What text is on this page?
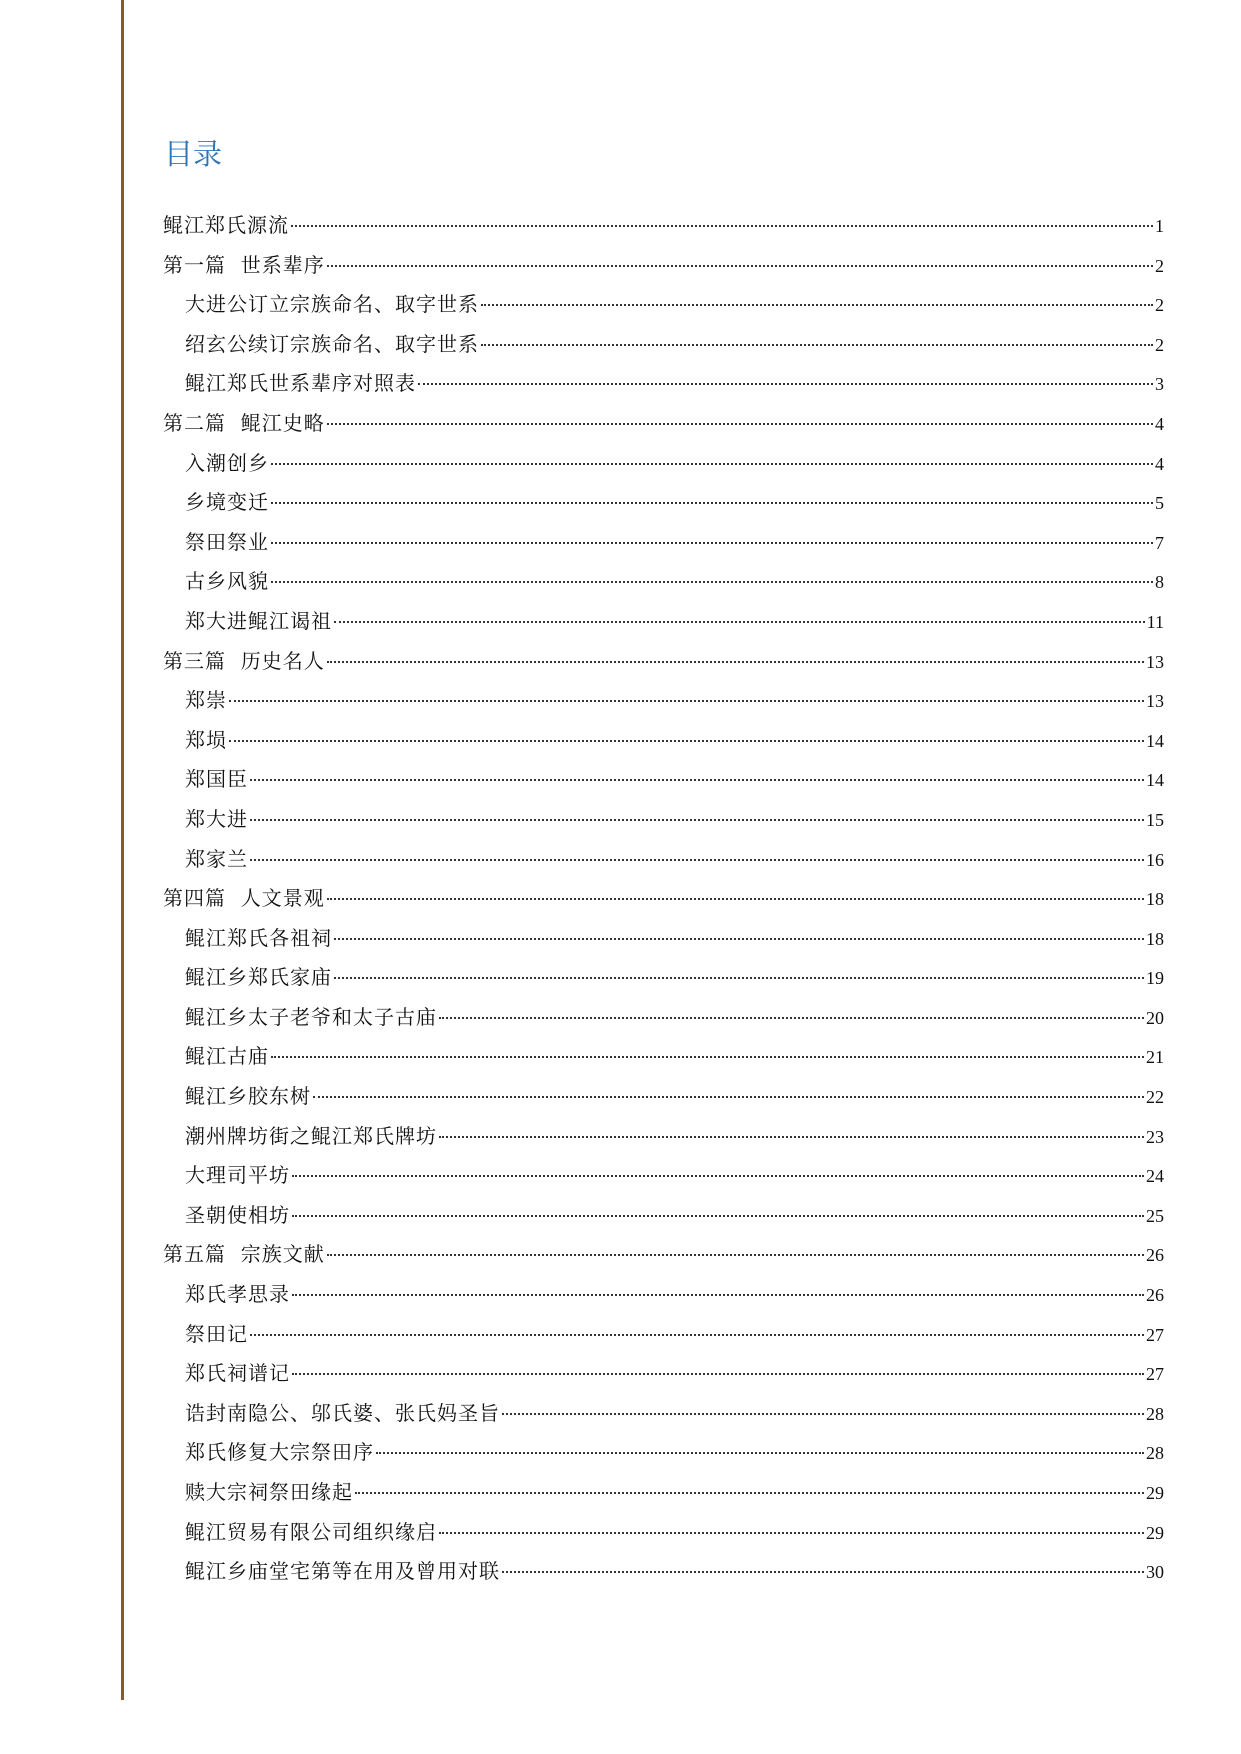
目录
鲲江郑氏源流	1
第一篇  世系辈序	2
大进公订立宗族命名、取字世系	2
绍玄公续订宗族命名、取字世系	2
鲲江郑氏世系辈序对照表	3
第二篇  鲲江史略	4
入潮创乡	4
乡境变迁	5
祭田祭业	7
古乡风貌	8
郑大进鲲江谒祖	11
第三篇  历史名人	13
郑崇	13
郑埙	14
郑国臣	14
郑大进	15
郑家兰	16
第四篇  人文景观	18
鲲江郑氏各祖祠	18
鲲江乡郑氏家庙	19
鲲江乡太子老爷和太子古庙	20
鲲江古庙	21
鲲江乡胶东树	22
潮州牌坊街之鲲江郑氏牌坊	23
大理司平坊	24
圣朝使相坊	25
第五篇  宗族文献	26
郑氏孝思录	26
祭田记	27
郑氏祠谱记	27
诰封南隐公、邬氏婆、张氏妈圣旨	28
郑氏修复大宗祭田序	28
赎大宗祠祭田缘起	29
鲲江贸易有限公司组织缘启	29
鲲江乡庙堂宅第等在用及曾用对联	30
